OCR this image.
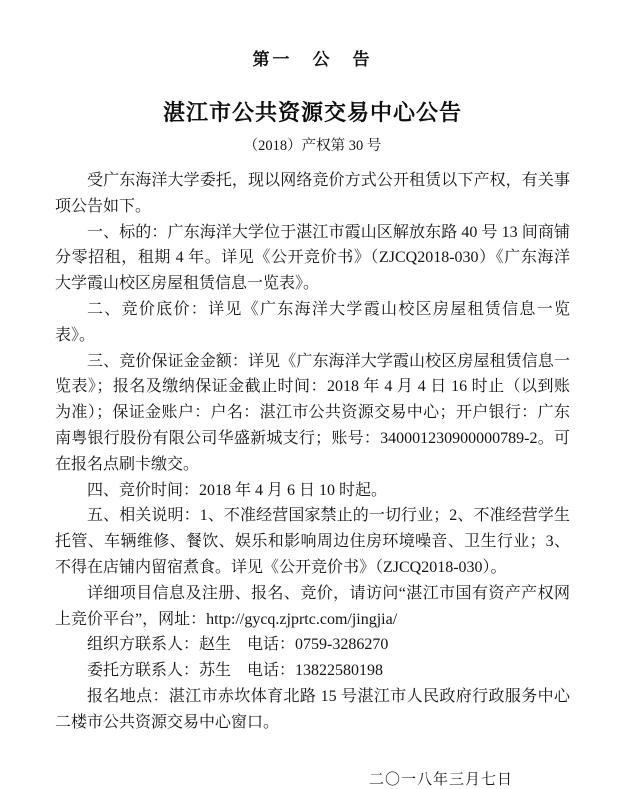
第一　公　告

湛江市公共资源交易中心公告

（2018）产权第 30 号

受广东海洋大学委托，现以网络竞价方式公开租赁以下产权，有关事项公告如下。

一、标的：广东海洋大学位于湛江市霞山区解放东路 40 号 13 间商铺分零招租，租期 4 年。详见《公开竞价书》（ZJCQ2018-030）《广东海洋大学霞山校区房屋租赁信息一览表》。

二、竞价底价：详见《广东海洋大学霞山校区房屋租赁信息一览表》。

三、竞价保证金金额：详见《广东海洋大学霞山校区房屋租赁信息一览表》；报名及缴纳保证金截止时间：2018 年 4 月 4 日 16 时止（以到账为准）；保证金账户：户名：湛江市公共资源交易中心；开户银行：广东南粤银行股份有限公司华盛新城支行；账号：340001230900000789-2。可在报名点刷卡缴交。

四、竞价时间：2018 年 4 月 6 日 10 时起。

五、相关说明：1、不准经营国家禁止的一切行业；2、不准经营学生托管、车辆维修、餐饮、娱乐和影响周边住房环境噪音、卫生行业；3、不得在店铺内留宿煮食。详见《公开竞价书》（ZJCQ2018-030）。

详细项目信息及注册、报名、竞价，请访问“湛江市国有资产产权网上竞价平台”，网址：http://gycq.zjprtc.com/jingjia/

组织方联系人：赵生　电话：0759-3286270

委托方联系人：苏生　电话：13822580198

报名地点：湛江市赤坎体育北路 15 号湛江市人民政府行政服务中心二楼市公共资源交易中心窗口。

二〇一八年三月七日
